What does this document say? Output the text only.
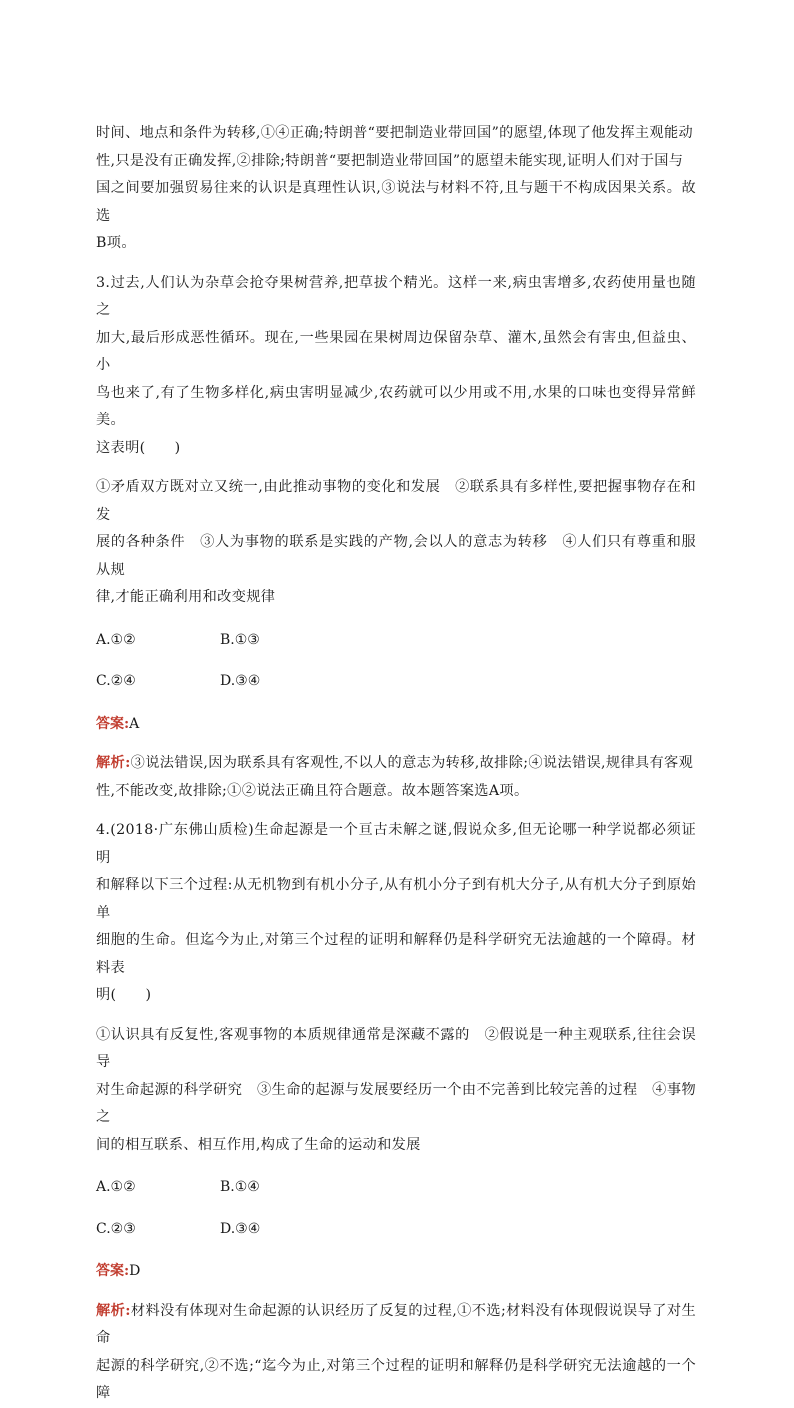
时间、地点和条件为转移,①④正确;特朗普“要把制造业带回国”的愿望,体现了他发挥主观能动
性,只是没有正确发挥,②排除;特朗普“要把制造业带回国”的愿望未能实现,证明人们对于国与
国之间要加强贸易往来的认识是真理性认识,③说法与材料不符,且与题干不构成因果关系。故选
B项。

3.过去,人们认为杂草会抢夺果树营养,把草拔个精光。这样一来,病虫害增多,农药使用量也随之
加大,最后形成恶性循环。现在,一些果园在果树周边保留杂草、灌木,虽然会有害虫,但益虫、小
鸟也来了,有了生物多样化,病虫害明显减少,农药就可以少用或不用,水果的口味也变得异常鲜美。
这表明(　　)

①矛盾双方既对立又统一,由此推动事物的变化和发展　②联系具有多样性,要把握事物存在和发
展的各种条件　③人为事物的联系是实践的产物,会以人的意志为转移　④人们只有尊重和服从规
律,才能正确利用和改变规律

A.①②	B.①③
C.②④	D.③④
答案:A

解析:③说法错误,因为联系具有客观性,不以人的意志为转移,故排除;④说法错误,规律具有客观
性,不能改变,故排除;①②说法正确且符合题意。故本题答案选A项。

4.(2018·广东佛山质检)生命起源是一个亘古未解之谜,假说众多,但无论哪一种学说都必须证明
和解释以下三个过程:从无机物到有机小分子,从有机小分子到有机大分子,从有机大分子到原始单
细胞的生命。但迄今为止,对第三个过程的证明和解释仍是科学研究无法逾越的一个障碍。材料表
明(　　)

①认识具有反复性,客观事物的本质规律通常是深藏不露的　②假说是一种主观联系,往往会误导
对生命起源的科学研究　③生命的起源与发展要经历一个由不完善到比较完善的过程　④事物之
间的相互联系、相互作用,构成了生命的运动和发展

A.①②	B.①④
C.②③	D.③④
答案:D

解析:材料没有体现对生命起源的认识经历了反复的过程,①不选;材料没有体现假说误导了对生命
起源的科学研究,②不选;“迄今为止,对第三个过程的证明和解释仍是科学研究无法逾越的一个障
